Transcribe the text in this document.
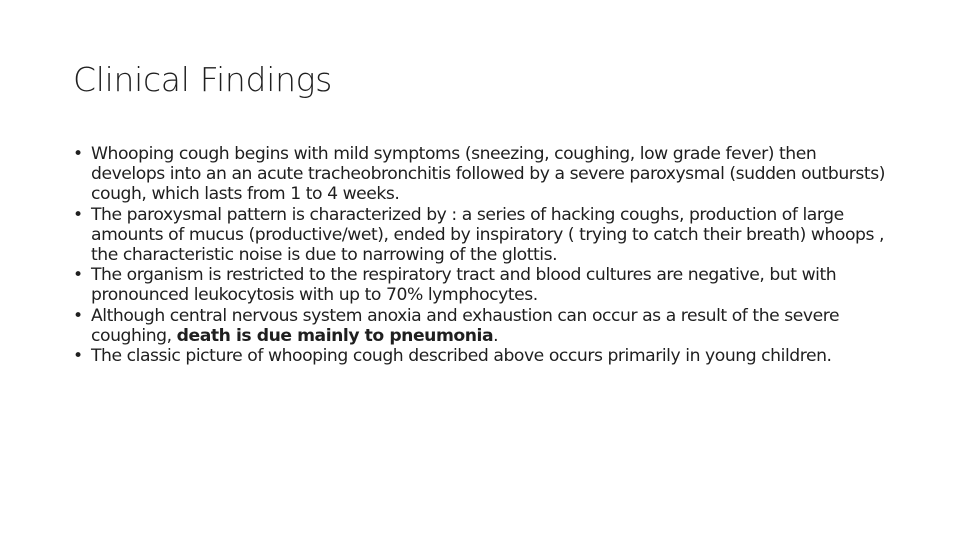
Clinical Findings
• Whooping cough begins with mild symptoms (sneezing, coughing, low grade fever) then develops into an an acute tracheobronchitis followed by a severe paroxysmal (sudden outbursts) cough, which lasts from 1 to 4 weeks.
• The paroxysmal pattern is characterized by : a series of hacking coughs, production of large amounts of mucus (productive/wet), ended by inspiratory ( trying to catch their breath) whoops , the characteristic noise is due to narrowing of the glottis.
• The organism is restricted to the respiratory tract and blood cultures are negative, but with pronounced leukocytosis with up to 70% lymphocytes.
• Although central nervous system anoxia and exhaustion can occur as a result of the severe coughing, death is due mainly to pneumonia.
• The classic picture of whooping cough described above occurs primarily in young children.
